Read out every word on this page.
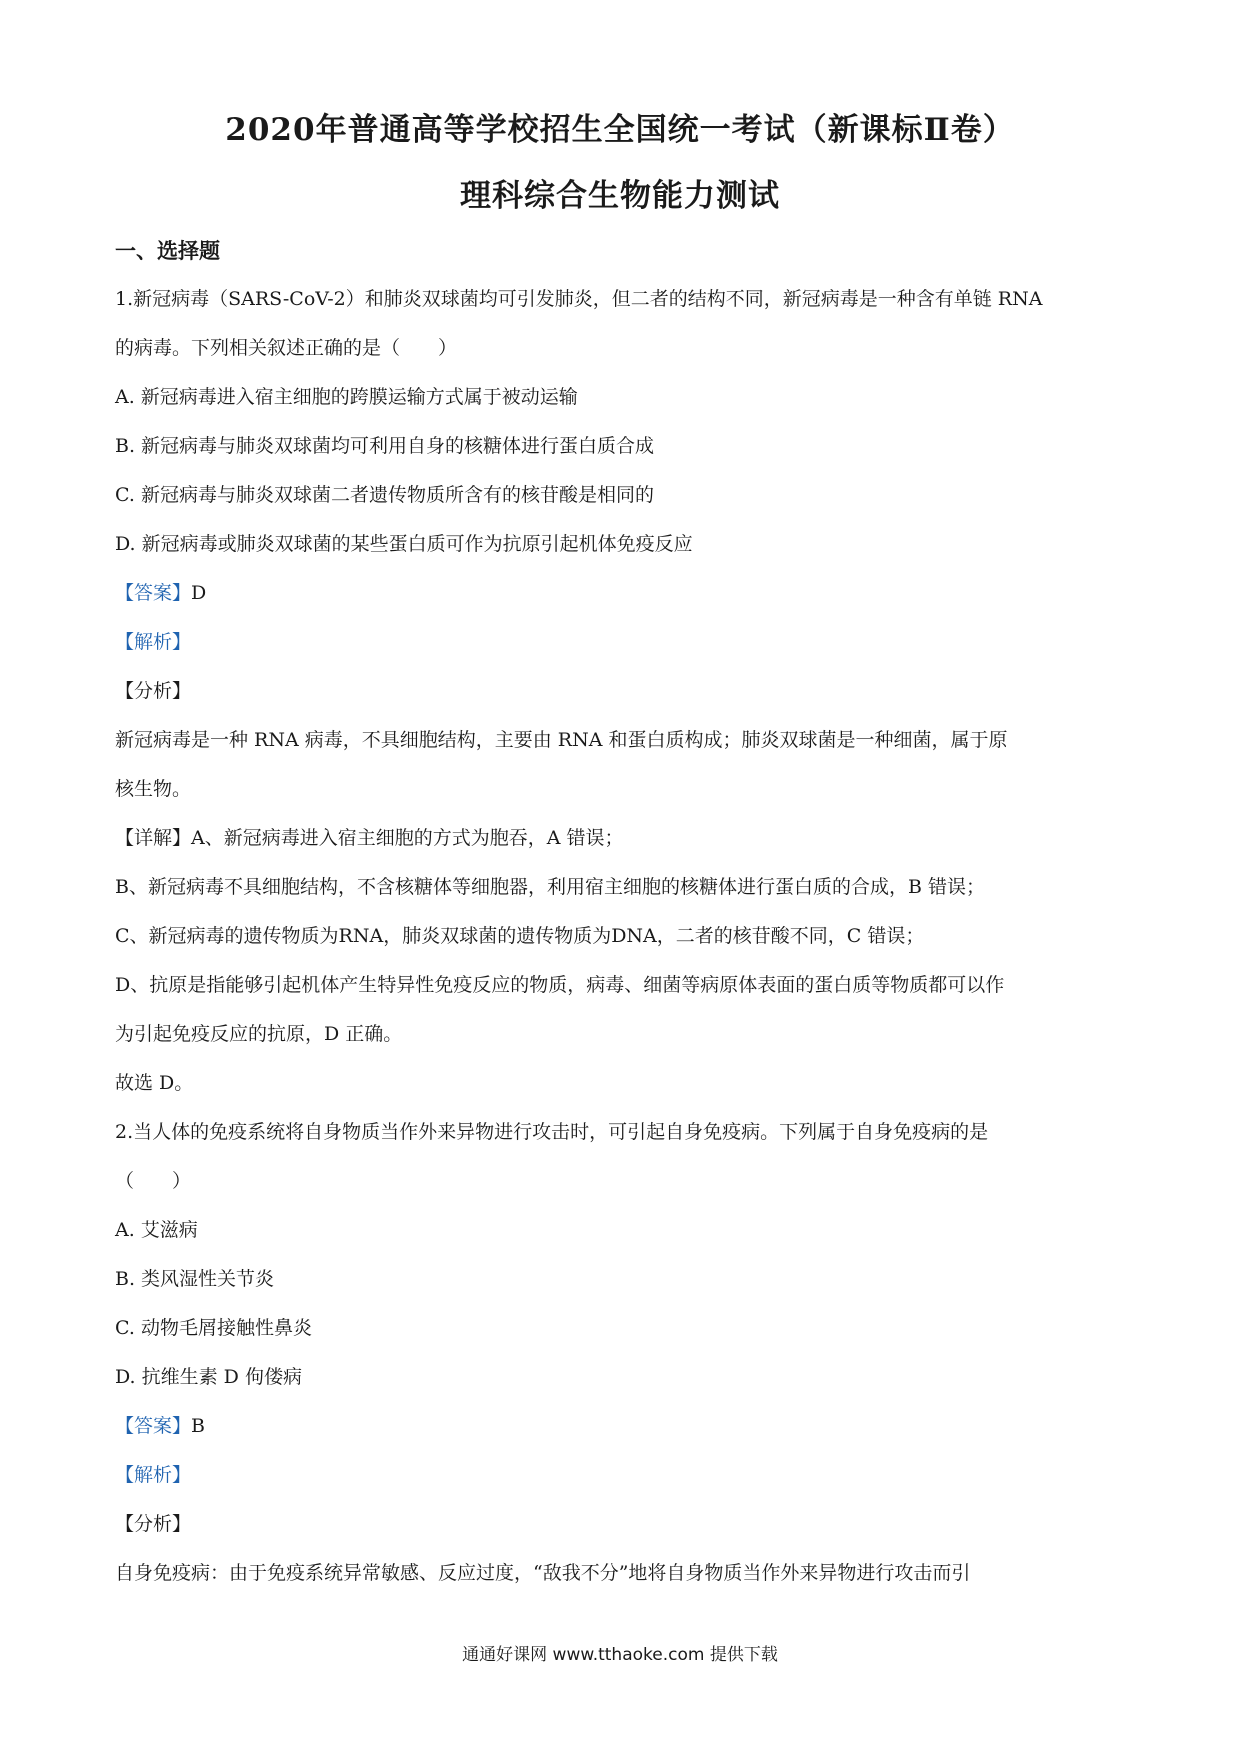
2020年普通高等学校招生全国统一考试（新课标Ⅱ卷）
理科综合生物能力测试
一、选择题
1.新冠病毒（SARS-CoV-2）和肺炎双球菌均可引发肺炎，但二者的结构不同，新冠病毒是一种含有单链 RNA
的病毒。下列相关叙述正确的是（　　）
A. 新冠病毒进入宿主细胞的跨膜运输方式属于被动运输
B. 新冠病毒与肺炎双球菌均可利用自身的核糖体进行蛋白质合成
C. 新冠病毒与肺炎双球菌二者遗传物质所含有的核苷酸是相同的
D. 新冠病毒或肺炎双球菌的某些蛋白质可作为抗原引起机体免疫反应
【答案】D
【解析】
【分析】
新冠病毒是一种 RNA 病毒，不具细胞结构，主要由 RNA 和蛋白质构成；肺炎双球菌是一种细菌，属于原
核生物。
【详解】A、新冠病毒进入宿主细胞的方式为胞吞，A 错误；
B、新冠病毒不具细胞结构，不含核糖体等细胞器，利用宿主细胞的核糖体进行蛋白质的合成，B 错误；
C、新冠病毒的遗传物质为RNA，肺炎双球菌的遗传物质为DNA，二者的核苷酸不同，C 错误；
D、抗原是指能够引起机体产生特异性免疫反应的物质，病毒、细菌等病原体表面的蛋白质等物质都可以作
为引起免疫反应的抗原，D 正确。
故选 D。
2.当人体的免疫系统将自身物质当作外来异物进行攻击时，可引起自身免疫病。下列属于自身免疫病的是
（　　）
A. 艾滋病
B. 类风湿性关节炎
C. 动物毛屑接触性鼻炎
D. 抗维生素 D 佝偻病
【答案】B
【解析】
【分析】
自身免疫病：由于免疫系统异常敏感、反应过度，“敌我不分”地将自身物质当作外来异物进行攻击而引
通通好课网 www.tthaoke.com 提供下载
